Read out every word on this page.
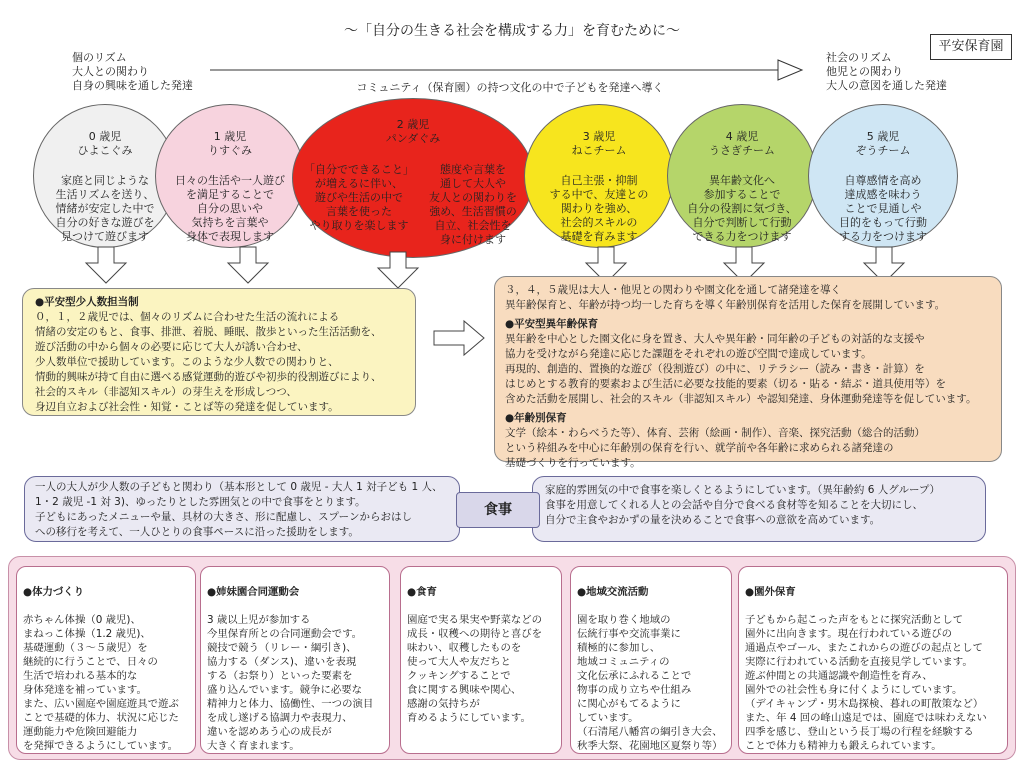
〜「自分の生きる社会を構成する力」を育むために〜
平安保育園
個のリズム
大人との関わり
自身の興味を通した発達
社会のリズム
他児との関わり
大人の意図を通した発達
コミュニティ（保育園）の持つ文化の中で子どもを発達へ導く
0 歳児
ひよこぐみ
家庭と同じような
生活リズムを送り、
情緒が安定した中で
自分の好きな遊びを
見つけて遊びます
1 歳児
りすぐみ
日々の生活や一人遊び
を満足することで
自分の思いや
気持ちを言葉や
身体で表現します
2 歳児
パンダぐみ
「自分でできること」
が増えるに伴い、
遊びや生活の中で
言葉を使った
やり取りを楽します
態度や言葉を
通して大人や
友人との関わりを
強め、生活習慣の
自立、社会性を
身に付けます
3 歳児
ねこチーム
自己主張・抑制
する中で、友達との
関わりを強め、
社会的スキルの
基礎を育みます
4 歳児
うさぎチーム
異年齢文化へ
参加することで
自分の役割に気づき、
自分で判断して行動
できる力をつけます
5 歳児
ぞうチーム
自尊感情を高め
達成感を味わう
ことで見通しや
目的をもって行動
する力をつけます
●平安型少人数担当制
０，１，２歳児では、個々のリズムに合わせた生活の流れによる
情緒の安定のもと、食事、排泄、着脱、睡眠、散歩といった生活活動を、
遊び活動の中から個々の必要に応じて大人が誘い合わせ、
少人数単位で援助しています。このような少人数での関わりと、
情動的興味が持て自由に選べる感覚運動的遊びや初歩的役割遊びにより、
社会的スキル（非認知スキル）の芽生えを形成しつつ、
身辺自立および社会性・知覚・ことば等の発達を促しています。
３，４，５歳児は大人・他児との関わりや園文化を通して諸発達を導く
異年齢保育と、年齢が持つ均一した育ちを導く年齢別保育を活用した保育を展開しています。
●平安型異年齢保育
異年齢を中心とした園文化に身を置き、大人や異年齢・同年齢の子どもの対話的な支援や
協力を受けながら発達に応じた課題をそれぞれの遊び空間で達成しています。
再現的、創造的、置換的な遊び（役割遊び）の中に、リテラシー（読み・書き・計算）を
はじめとする教育的要素および生活に必要な技能的要素（切る・貼る・結ぶ・道具使用等）を
含めた活動を展開し、社会的スキル（非認知スキル）や認知発達、身体運動発達等を促しています。
●年齢別保育
文学（絵本・わらべうた等）、体育、芸術（絵画・制作）、音楽、探究活動（総合的活動）
という枠組みを中心に年齢別の保育を行い、就学前や各年齢に求められる諸発達の
基礎づくりを行っています。
一人の大人が少人数の子どもと関わり（基本形として 0 歳児 - 大人 1 対子ども 1 人、
1・2 歳児 -1 対 3)、ゆったりとした雰囲気との中で食事をとります。
子どもにあったメニューや量、具材の大きさ、形に配慮し、スプーンからおはし
への移行を考えて、一人ひとりの食事ペースに沿った援助をします。
家庭的雰囲気の中で食事を楽しくとるようにしています。（異年齢約 6 人グループ）
食事を用意してくれる人との会話や自分で食べる食材等を知ることを大切にし、
自分で主食やおかずの量を決めることで食事への意欲を高めています。
食事

●体力づくり

赤ちゃん体操（0 歳児)、
まねっこ体操（1.2 歳児)、
基礎運動（３〜５歳児）を
継続的に行うことで、日々の
生活で培われる基本的な
身体発達を補っています。
また、広い園庭や園庭遊具で遊ぶ
ことで基礎的体力、状況に応じた
運動能力や危険回避能力
を発揮できるようにしています。

●姉妹園合同運動会

3 歳以上児が参加する
今里保育所との合同運動会です。
競技で競う（リレー・綱引き)、
協力する（ダンス)、違いを表現
する（お祭り）といった要素を
盛り込んでいます。競争に必要な
精神力と体力、協働性、一つの演目
を成し遂げる協調力や表現力、
違いを認めあう心の成長が
大きく育まれます。

●食育

園庭で実る果実や野菜などの
成長・収穫への期待と喜びを
味わい、収穫したものを
使って大人や友だちと
クッキングすることで
食に関する興味や関心、
感謝の気持ちが
育めるようにしています。

●地域交流活動

園を取り巻く地域の
伝統行事や交流事業に
積極的に参加し、
地域コミュニティの
文化伝承にふれることで
物事の成り立ちや仕組み
に関心がもてるように
しています。
（石清尾八幡宮の綱引き大会、
秋季大祭、花園地区夏祭り等）

●園外保育

子どもから起こった声をもとに探究活動として
園外に出向きます。現在行われている遊びの
通過点やゴール、またこれからの遊びの起点として
実際に行われている活動を直接見学しています。
遊ぶ仲間との共通認識や創造性を育み、
園外での社会性も身に付くようにしています。
（デイキャンプ・男木島探検、暮れの町散策など）
また、年 4 回の峰山遠足では、園庭では味わえない
四季を感じ、登山という長丁場の行程を経験する
ことで体力も精神力も鍛えられています。
